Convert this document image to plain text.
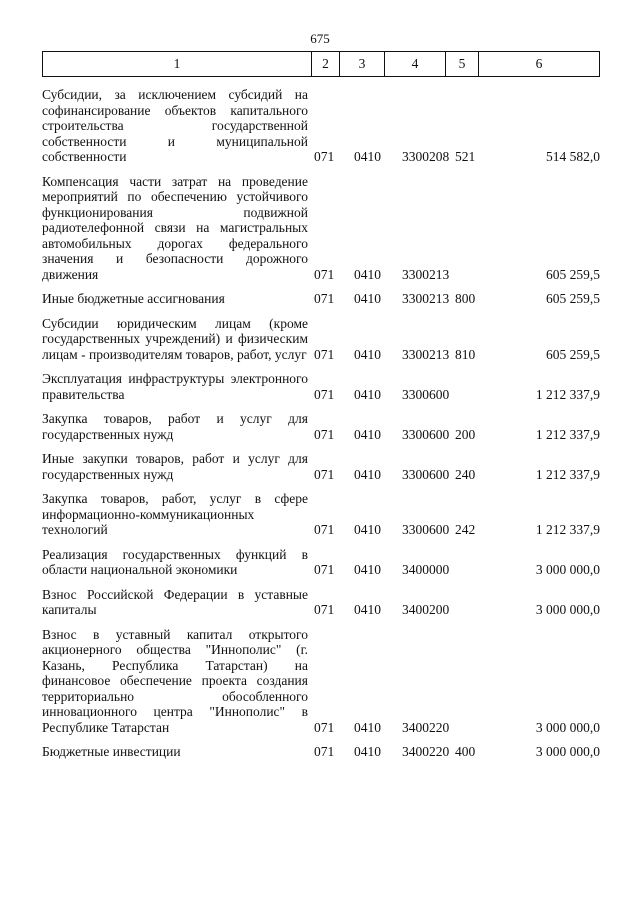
675
1	2	3	4	5	6
Субсидии, за исключением субсидий на софинансирование объектов капитального строительства государственной собственности и муниципальной собственности	071	0410	3300208 521	514 582,0
Компенсация части затрат на проведение мероприятий по обеспечению устойчивого функционирования подвижной радиотелефонной связи на магистральных автомобильных дорогах федерального значения и безопасности дорожного движения	071	0410	3300213	605 259,5
Иные бюджетные ассигнования	071	0410	3300213 800	605 259,5
Субсидии юридическим лицам (кроме государственных учреждений) и физическим лицам - производителям товаров, работ, услуг 071	0410	3300213 810	605 259,5
Эксплуатация инфраструктуры электронного правительства	071	0410	3300600	1 212 337,9
Закупка товаров, работ и услуг для государственных нужд	071	0410	3300600 200	1 212 337,9
Иные закупки товаров, работ и услуг для государственных нужд	071	0410	3300600 240	1 212 337,9
Закупка товаров, работ, услуг в сфере информационно-коммуникационных технологий	071	0410	3300600 242	1 212 337,9
Реализация государственных функций в области национальной экономики	071	0410	3400000	3 000 000,0
Взнос Российской Федерации в уставные капиталы	071	0410	3400200	3 000 000,0
Взнос в уставный капитал открытого акционерного общества "Иннополис" (г. Казань, Республика Татарстан) на финансовое обеспечение проекта создания территориально обособленного инновационного центра "Иннополис" в Республике Татарстан	071	0410	3400220	3 000 000,0
Бюджетные инвестиции	071	0410	3400220 400	3 000 000,0
